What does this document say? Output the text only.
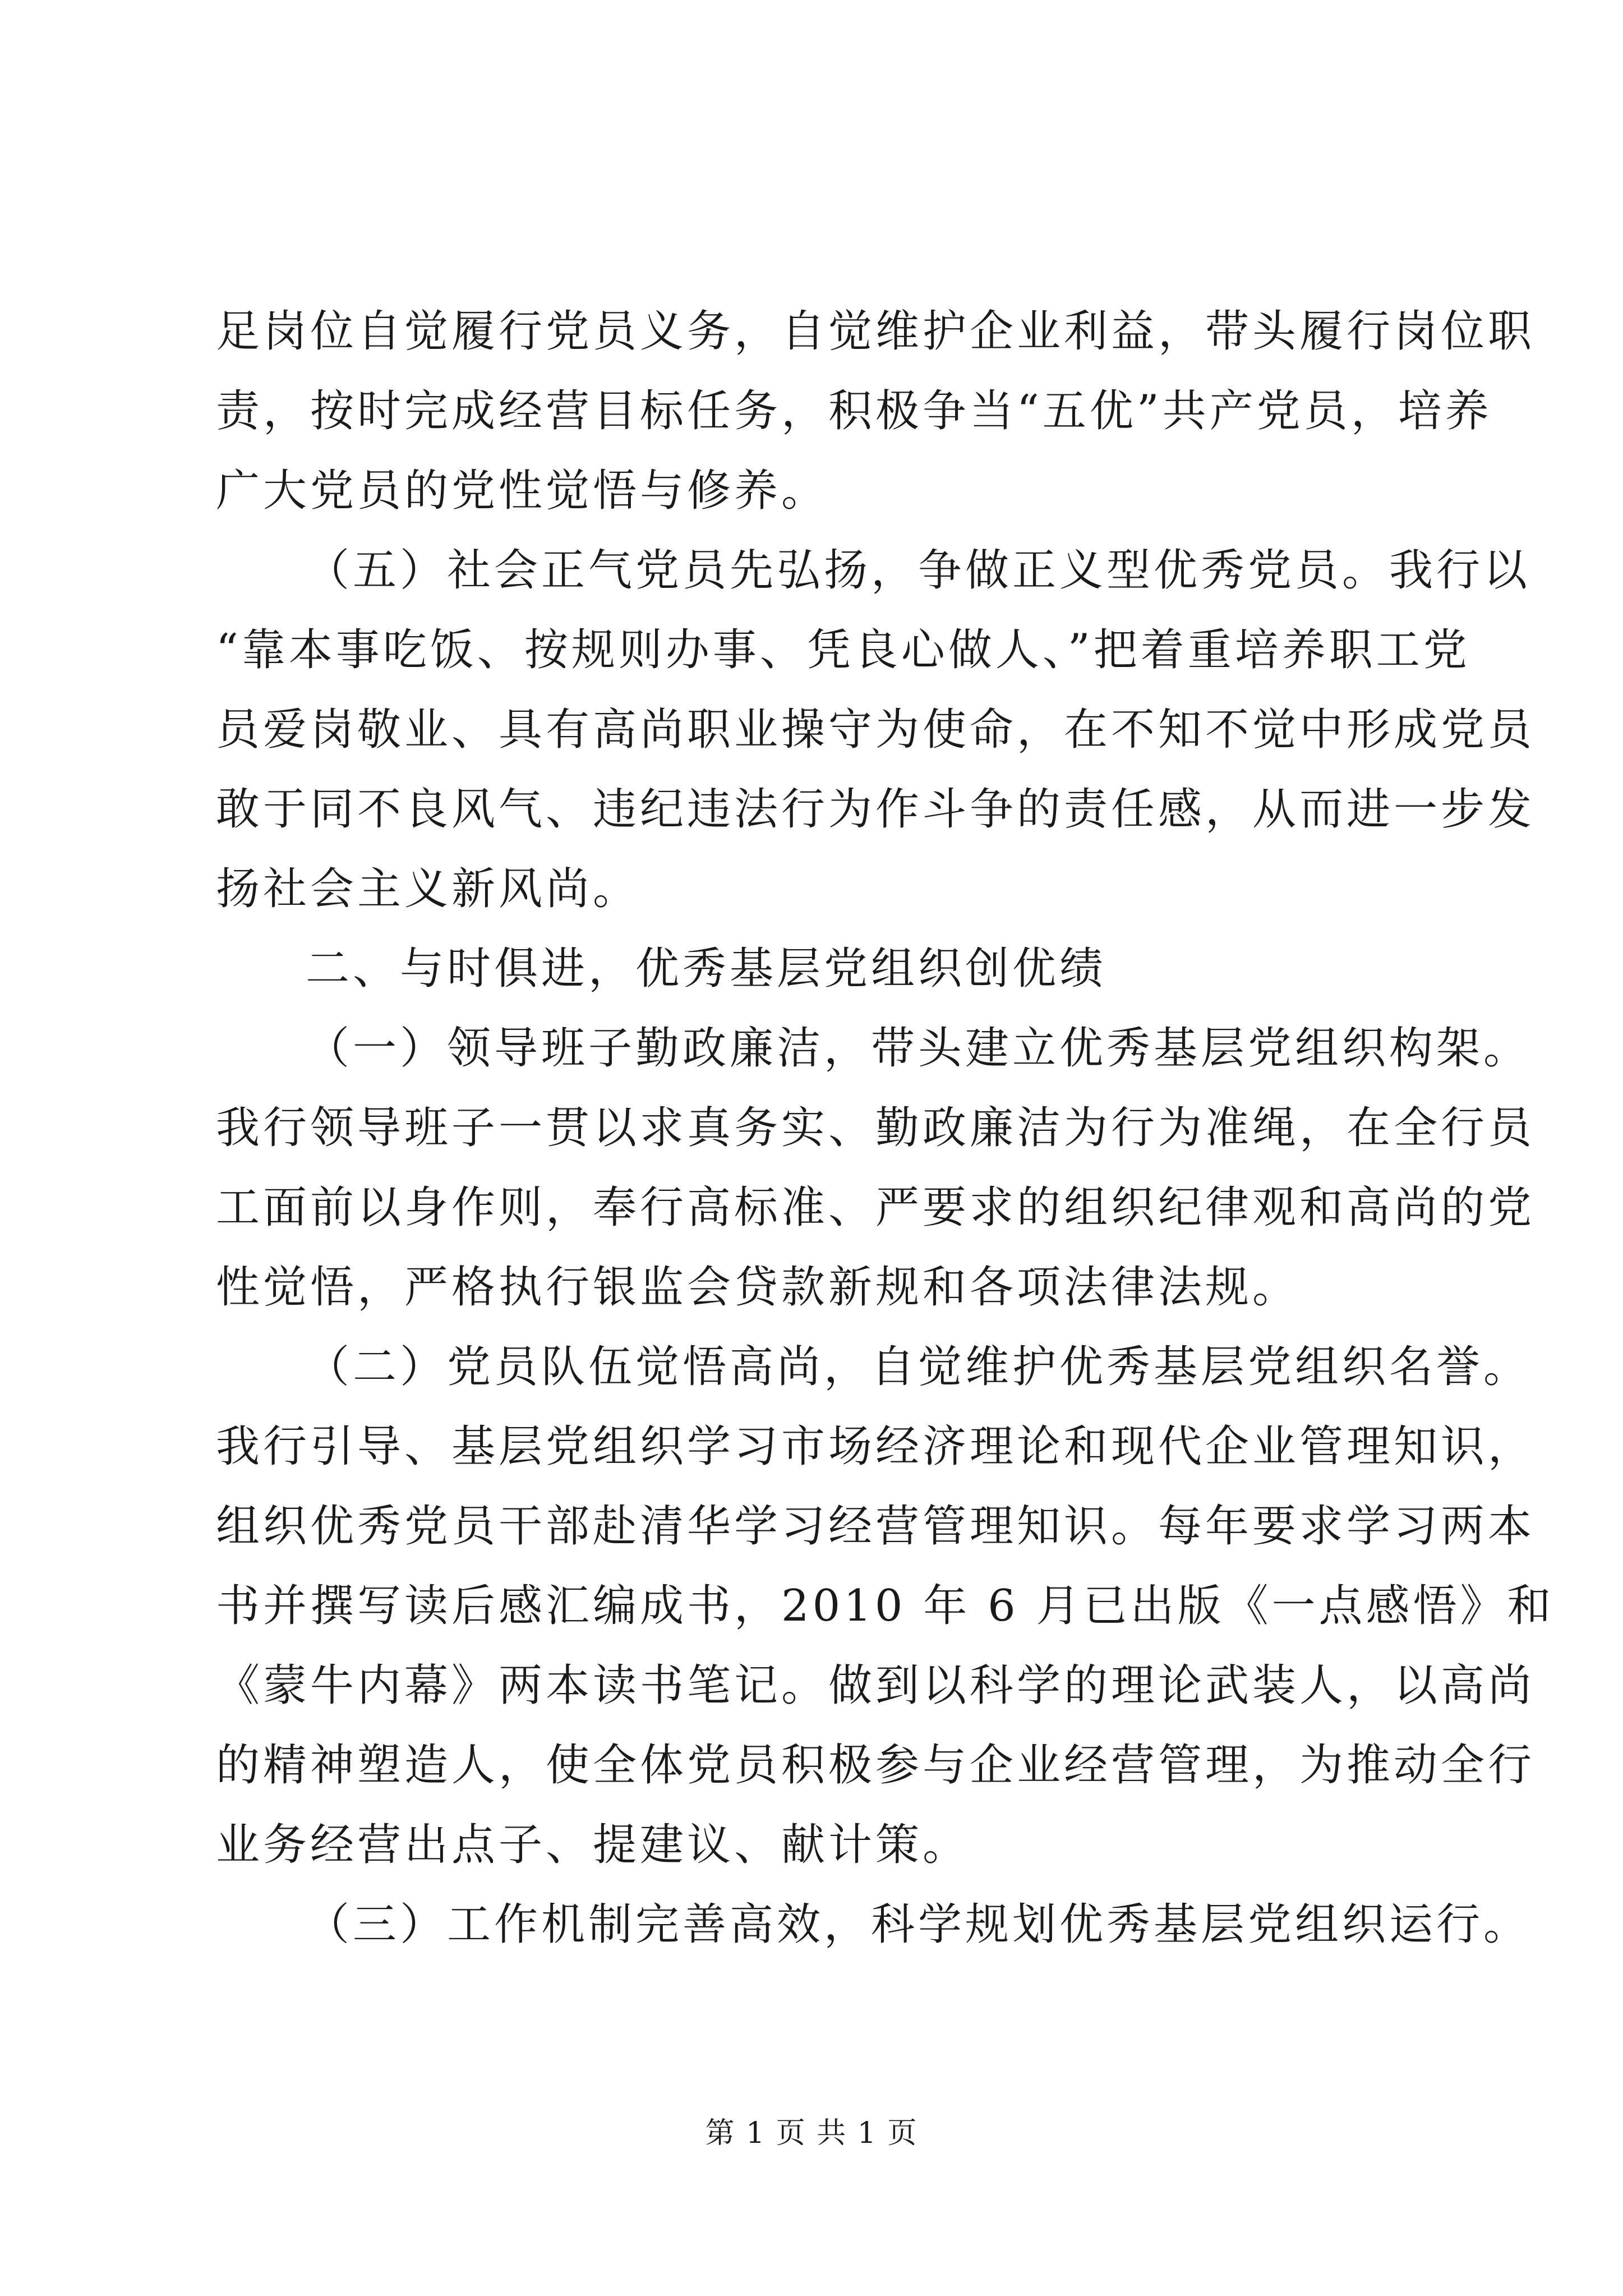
足岗位自觉履行党员义务，自觉维护企业利益，带头履行岗位职
责，按时完成经营目标任务，积极争当“五优”共产党员，培养
广大党员的党性觉悟与修养。
（五）社会正气党员先弘扬，争做正义型优秀党员。我行以
“靠本事吃饭、按规则办事、凭良心做人、”把着重培养职工党
员爱岗敬业、具有高尚职业操守为使命，在不知不觉中形成党员
敢于同不良风气、违纪违法行为作斗争的责任感，从而进一步发
扬社会主义新风尚。
二、与时俱进，优秀基层党组织创优绩
（一）领导班子勤政廉洁，带头建立优秀基层党组织构架。
我行领导班子一贯以求真务实、勤政廉洁为行为准绳，在全行员
工面前以身作则，奉行高标准、严要求的组织纪律观和高尚的党
性觉悟，严格执行银监会贷款新规和各项法律法规。
（二）党员队伍觉悟高尚，自觉维护优秀基层党组织名誉。
我行引导、基层党组织学习市场经济理论和现代企业管理知识，
组织优秀党员干部赴清华学习经营管理知识。每年要求学习两本
书并撰写读后感汇编成书，2010 年 6 月已出版《一点感悟》和
《蒙牛内幕》两本读书笔记。做到以科学的理论武装人，以高尚
的精神塑造人，使全体党员积极参与企业经营管理，为推动全行
业务经营出点子、提建议、献计策。
（三）工作机制完善高效，科学规划优秀基层党组织运行。
第 1 页 共 1 页
